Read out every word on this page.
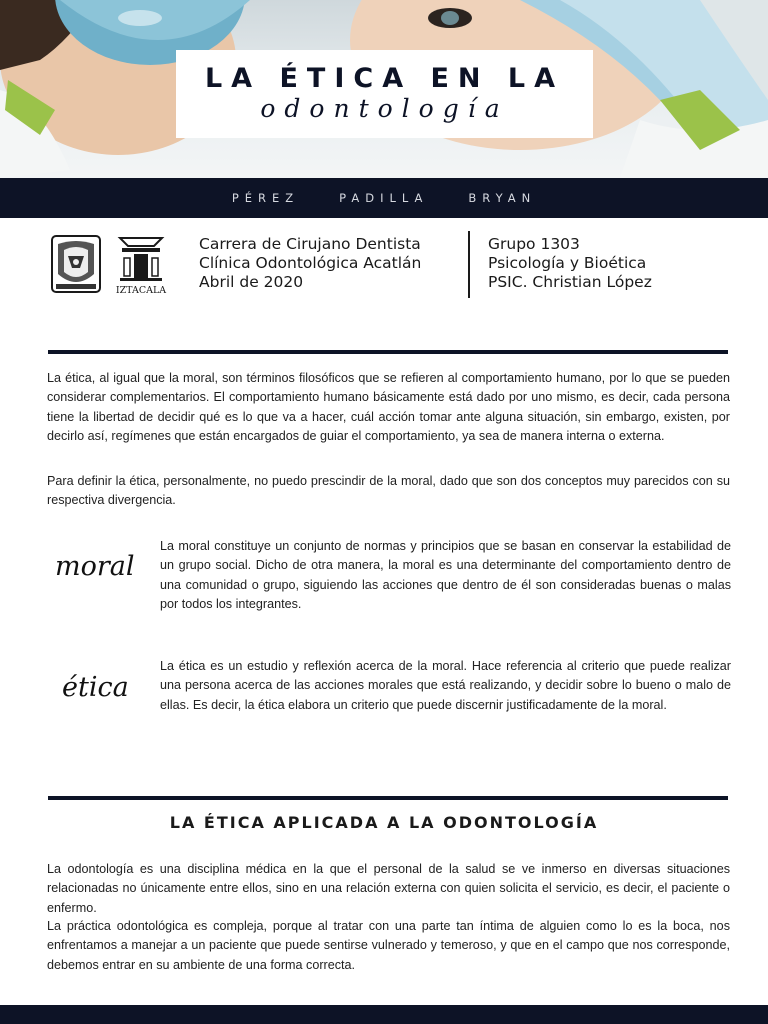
LA ÉTICA EN LA
odontología
PÉREZ	PADILLA	BRYAN
IZTACALA
Carrera de Cirujano Dentista
Clínica Odontológica Acatlán
Abril de 2020
Grupo 1303
Psicología y Bioética
PSIC. Christian López
La ética, al igual que la moral, son términos filosóficos que se refieren al comportamiento humano, por lo que se pueden considerar complementarios. El comportamiento humano básicamente está dado por uno mismo, es decir, cada persona tiene la libertad de decidir qué es lo que va a hacer, cuál acción tomar ante alguna situación, sin embargo, existen, por decirlo así, regímenes que están encargados de guiar el comportamiento, ya sea de manera interna o externa.
Para definir la ética, personalmente, no puedo prescindir de la moral, dado que son dos conceptos muy parecidos con su respectiva divergencia.
moral
La moral constituye un conjunto de normas y principios que se basan en conservar la estabilidad de un grupo social. Dicho de otra manera, la moral es una determinante del comportamiento dentro de una comunidad o grupo, siguiendo las acciones que dentro de él son consideradas buenas o malas por todos los integrantes.
ética
La ética es un estudio y reflexión acerca de la moral. Hace referencia al criterio que puede realizar una persona acerca de las acciones morales que está realizando, y decidir sobre lo bueno o malo de ellas. Es decir, la ética elabora un criterio que puede discernir justificadamente de la moral.
LA ÉTICA APLICADA A LA ODONTOLOGÍA
La odontología es una disciplina médica en la que el personal de la salud se ve inmerso en diversas situaciones relacionadas no únicamente entre ellos, sino en una relación externa con quien solicita el servicio, es decir, el paciente o enfermo.
La práctica odontológica es compleja, porque al tratar con una parte tan íntima de alguien como lo es la boca, nos enfrentamos a manejar a un paciente que puede sentirse vulnerado y temeroso, y que en el campo que nos corresponde, debemos entrar en su ambiente de una forma correcta.
